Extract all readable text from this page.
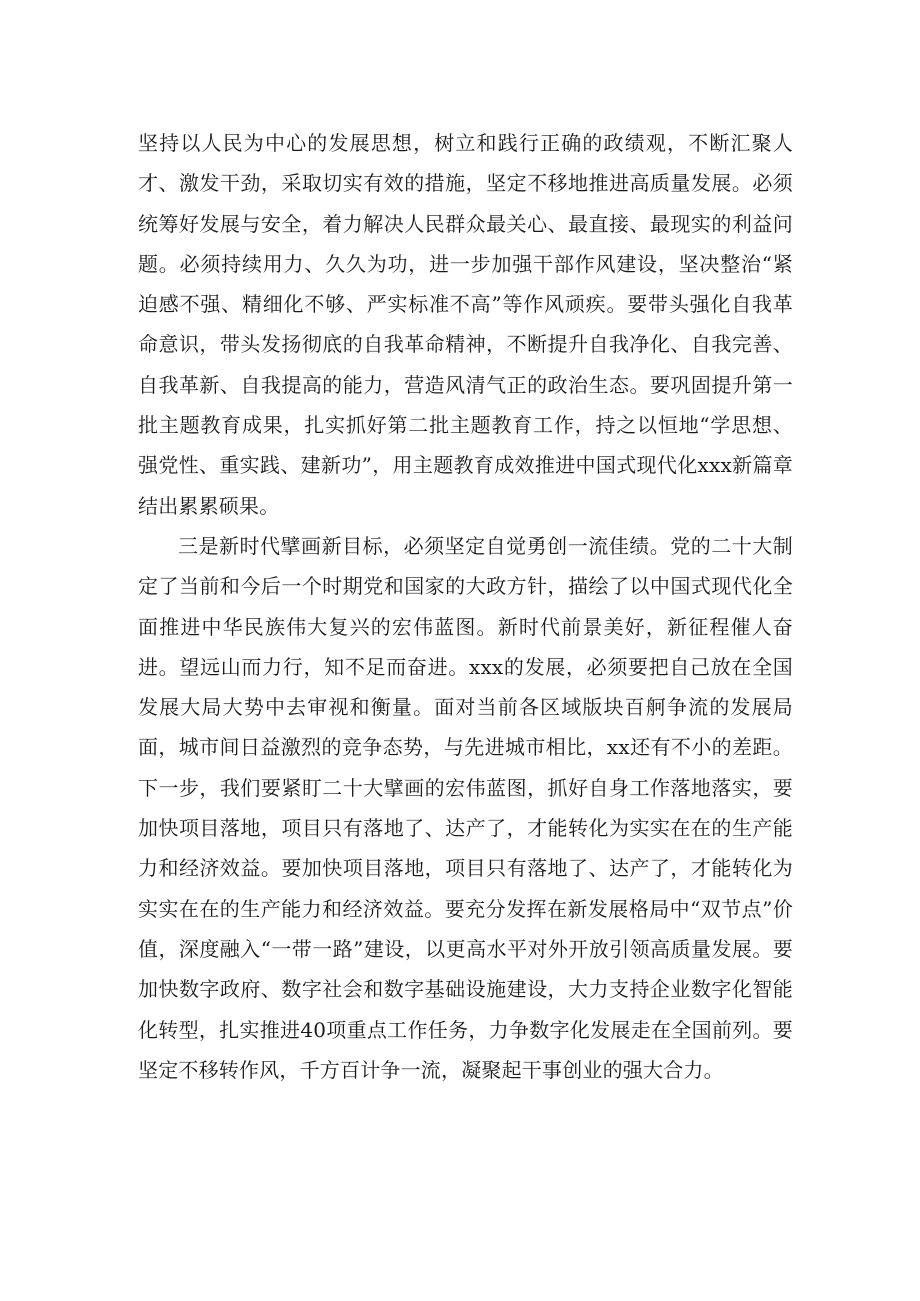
坚持以人民为中心的发展思想，树立和践行正确的政绩观，不断汇聚人才、激发干劲，采取切实有效的措施，坚定不移地推进高质量发展。必须统筹好发展与安全，着力解决人民群众最关心、最直接、最现实的利益问题。必须持续用力、久久为功，进一步加强干部作风建设，坚决整治“紧迫感不强、精细化不够、严实标准不高”等作风顽疾。要带头强化自我革命意识，带头发扬彻底的自我革命精神，不断提升自我净化、自我完善、自我革新、自我提高的能力，营造风清气正的政治生态。要巩固提升第一批主题教育成果，扎实抓好第二批主题教育工作，持之以恒地“学思想、强党性、重实践、建新功”，用主题教育成效推进中国式现代化xxx新篇章结出累累硕果。

三是新时代擘画新目标，必须坚定自觉勇创一流佳绩。党的二十大制定了当前和今后一个时期党和国家的大政方针，描绘了以中国式现代化全面推进中华民族伟大复兴的宏伟蓝图。新时代前景美好，新征程催人奋进。望远山而力行，知不足而奋进。xxx的发展，必须要把自己放在全国发展大局大势中去审视和衡量。面对当前各区域版块百舸争流的发展局面，城市间日益激烈的竞争态势，与先进城市相比，xx还有不小的差距。下一步，我们要紧盯二十大擘画的宏伟蓝图，抓好自身工作落地落实，要加快项目落地，项目只有落地了、达产了，才能转化为实实在在的生产能力和经济效益。要加快项目落地，项目只有落地了、达产了，才能转化为实实在在的生产能力和经济效益。要充分发挥在新发展格局中“双节点”价值，深度融入“一带一路”建设，以更高水平对外开放引领高质量发展。要加快数字政府、数字社会和数字基础设施建设，大力支持企业数字化智能化转型，扎实推进40项重点工作任务，力争数字化发展走在全国前列。要坚定不移转作风，千方百计争一流，凝聚起干事创业的强大合力。
